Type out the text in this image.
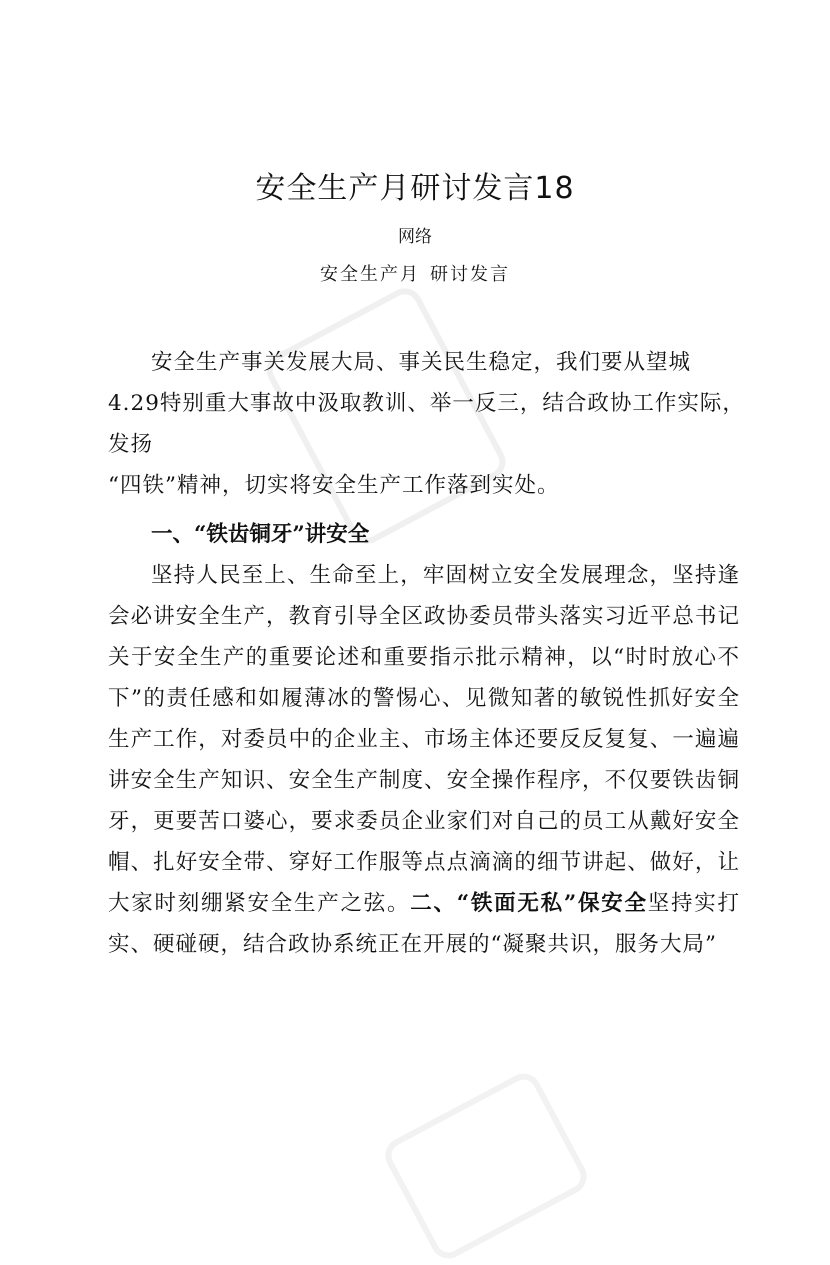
安全生产月研讨发言18
网络
安全生产月 研讨发言
安全生产事关发展大局、事关民生稳定，我们要从望城
4.29特别重大事故中汲取教训、举一反三，结合政协工作实际，
发扬
“四铁”精神，切实将安全生产工作落到实处。
一、“铁齿铜牙”讲安全
坚持人民至上、生命至上，牢固树立安全发展理念，坚持逢会必讲安全生产，教育引导全区政协委员带头落实习近平总书记关于安全生产的重要论述和重要指示批示精神，以“时时放心不下”的责任感和如履薄冰的警惕心、见微知著的敏锐性抓好安全生产工作，对委员中的企业主、市场主体还要反反复复、一遍遍讲安全生产知识、安全生产制度、安全操作程序，不仅要铁齿铜牙，更要苦口婆心，要求委员企业家们对自己的员工从戴好安全帽、扎好安全带、穿好工作服等点点滴滴的细节讲起、做好，让大家时刻绷紧安全生产之弦。二、“铁面无私”保安全坚持实打实、硬碰硬，结合政协系统正在开展的“凝聚共识，服务大局”
